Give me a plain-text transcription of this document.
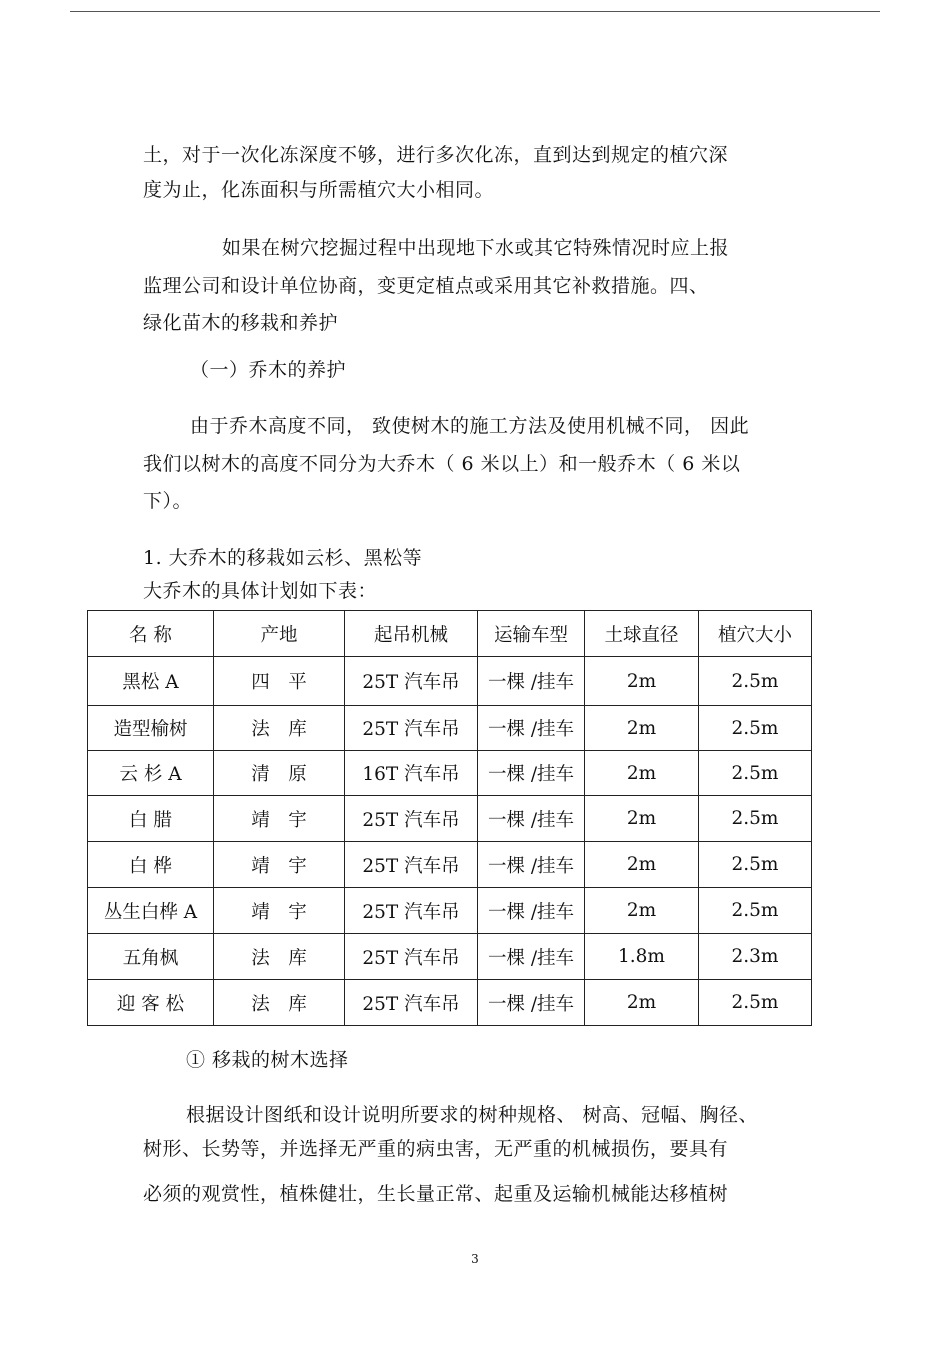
土，对于一次化冻深度不够，进行多次化冻，直到达到规定的植穴深
度为止，化冻面积与所需植穴大小相同。
如果在树穴挖掘过程中出现地下水或其它特殊情况时应上报
监理公司和设计单位协商，变更定植点或采用其它补救措施。四、
绿化苗木的移栽和养护
（一）乔木的养护
由于乔木高度不同， 致使树木的施工方法及使用机械不同， 因此
我们以树木的高度不同分为大乔木（ 6 米以上）和一般乔木（ 6 米以
下）。
1. 大乔木的移栽如云杉、黑松等
大乔木的具体计划如下表：
名 称	产地	起吊机械	运输车型	土球直径	植穴大小
黑松 A	四　平	25T 汽车吊	一棵 /挂车	2m	2.5m
造型榆树	法　库	25T 汽车吊	一棵 /挂车	2m	2.5m
云 杉 A	清　原	16T 汽车吊	一棵 /挂车	2m	2.5m
白 腊	靖　宇	25T 汽车吊	一棵 /挂车	2m	2.5m
白 桦	靖　宇	25T 汽车吊	一棵 /挂车	2m	2.5m
丛生白桦 A	靖　宇	25T 汽车吊	一棵 /挂车	2m	2.5m
五角枫	法　库	25T 汽车吊	一棵 /挂车	1.8m	2.3m
迎 客 松	法　库	25T 汽车吊	一棵 /挂车	2m	2.5m
① 移栽的树木选择
根据设计图纸和设计说明所要求的树种规格、 树高、冠幅、胸径、
树形、长势等，并选择无严重的病虫害，无严重的机械损伤，要具有
必须的观赏性，植株健壮，生长量正常、起重及运输机械能达移植树
3
